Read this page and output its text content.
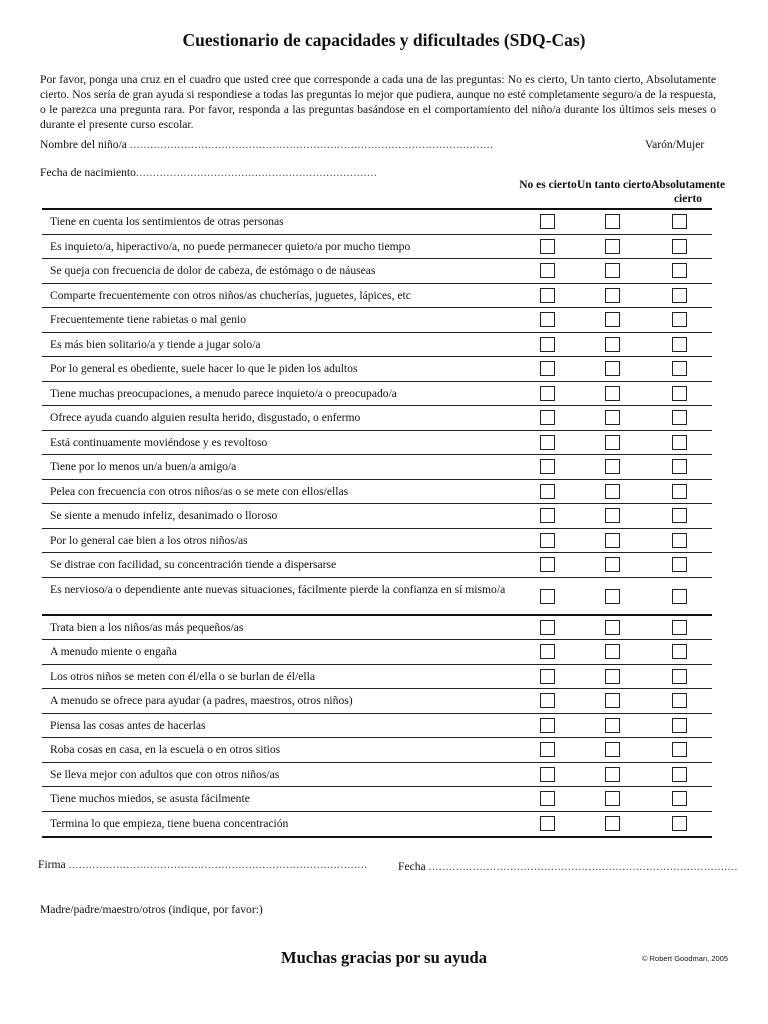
Cuestionario de capacidades y dificultades (SDQ-Cas)
Por favor, ponga una cruz en el cuadro que usted cree que corresponde a cada una de las preguntas: No es cierto, Un tanto cierto, Absolutamente cierto. Nos sería de gran ayuda si respondiese a todas las preguntas lo mejor que pudiera, aunque no esté completamente seguro/a de la respuesta, o le parezca una pregunta rara. Por favor, responda a las preguntas basándose en el comportamiento del niño/a durante los últimos seis meses o durante el presente curso escolar.
Nombre del niño/a ...........................................................................................................	Varón/Mujer
Fecha de nacimiento.......................................................................
No es cierto Un tanto cierto Absolutamente cierto
Tiene en cuenta los sentimientos de otras personas
Es inquieto/a, hiperactivo/a, no puede permanecer quieto/a por mucho tiempo
Se queja con frecuencia de dolor de cabeza, de estómago o de náuseas
Comparte frecuentemente con otros niños/as chucherías, juguetes, lápices, etc
Frecuentemente tiene rabietas o mal genio
Es más bien solitario/a y tiende a jugar solo/a
Por lo general es obediente, suele hacer lo que le piden los adultos
Tiene muchas preocupaciones, a menudo parece inquieto/a o preocupado/a
Ofrece ayuda cuando alguien resulta herido, disgustado, o enfermo
Está continuamente moviéndose y es revoltoso
Tiene por lo menos un/a buen/a amigo/a
Pelea con frecuencia con otros niños/as o se mete con ellos/ellas
Se siente a menudo infeliz, desanimado o lloroso
Por lo general cae bien a los otros niños/as
Se distrae con facilidad, su concentración tiende a dispersarse
Es nervioso/a o dependiente ante nuevas situaciones, fácilmente pierde la confianza en sí mismo/a
Trata bien a los niños/as más pequeños/as
A menudo miente o engaña
Los otros niños se meten con él/ella o se burlan de él/ella
A menudo se ofrece para ayudar (a padres, maestros, otros niños)
Piensa las cosas antes de hacerlas
Roba cosas en casa, en la escuela o en otros sitios
Se lleva mejor con adultos que con otros niños/as
Tiene muchos miedos, se asusta fácilmente
Termina lo que empieza, tiene buena concentración
Firma ........................................................................................	Fecha ...........................................................................................
Madre/padre/maestro/otros (indique, por favor:)
Muchas gracias por su ayuda	© Robert Goodman, 2005
